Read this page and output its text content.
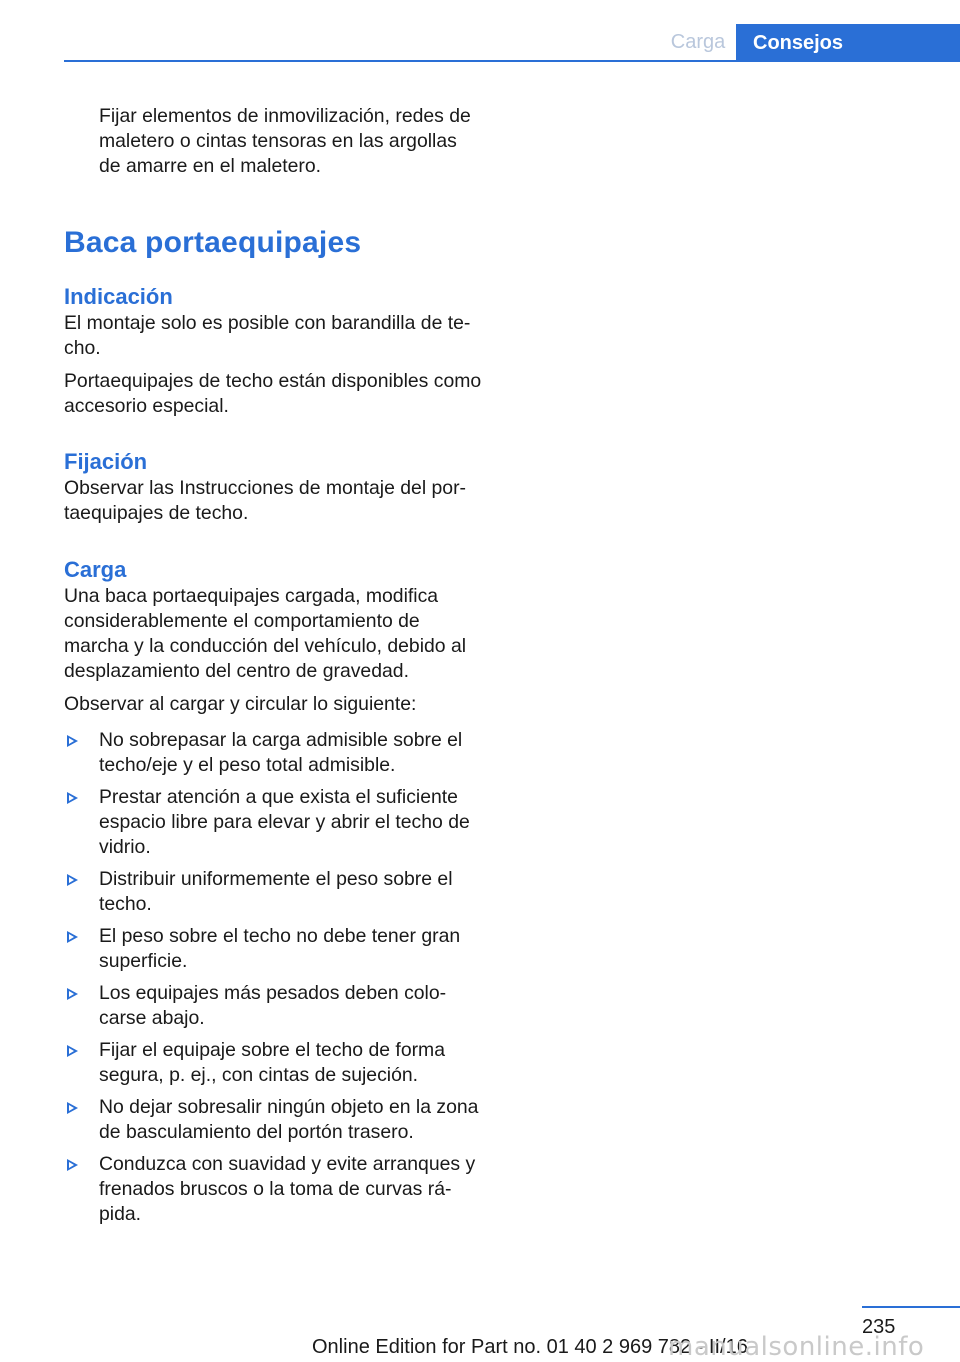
Carga	Consejos

Fijar elementos de inmovilización, redes de maletero o cintas tensoras en las argollas de amarre en el maletero.

Baca portaequipajes
Indicación

El montaje solo es posible con barandilla de te‐ cho.

Portaequipajes de techo están disponibles como accesorio especial.

Fijación

Observar las Instrucciones de montaje del por‐ taequipajes de techo.

Carga

Una baca portaequipajes cargada, modifica considerablemente el comportamiento de marcha y la conducción del vehículo, debido al desplazamiento del centro de gravedad.

Observar al cargar y circular lo siguiente:

No sobrepasar la carga admisible sobre el techo/eje y el peso total admisible.
Prestar atención a que exista el suficiente espacio libre para elevar y abrir el techo de vidrio.
Distribuir uniformemente el peso sobre el techo.
El peso sobre el techo no debe tener gran superficie.
Los equipajes más pesados deben colo‐ carse abajo.
Fijar el equipaje sobre el techo de forma segura, p. ej., con cintas de sujeción.
No dejar sobresalir ningún objeto en la zona de basculamiento del portón trasero.
Conduzca con suavidad y evite arranques y frenados bruscos o la toma de curvas rá‐ pida.
235
Online Edition for Part no. 01 40 2 969 782 - II/16
manualsonline.info
